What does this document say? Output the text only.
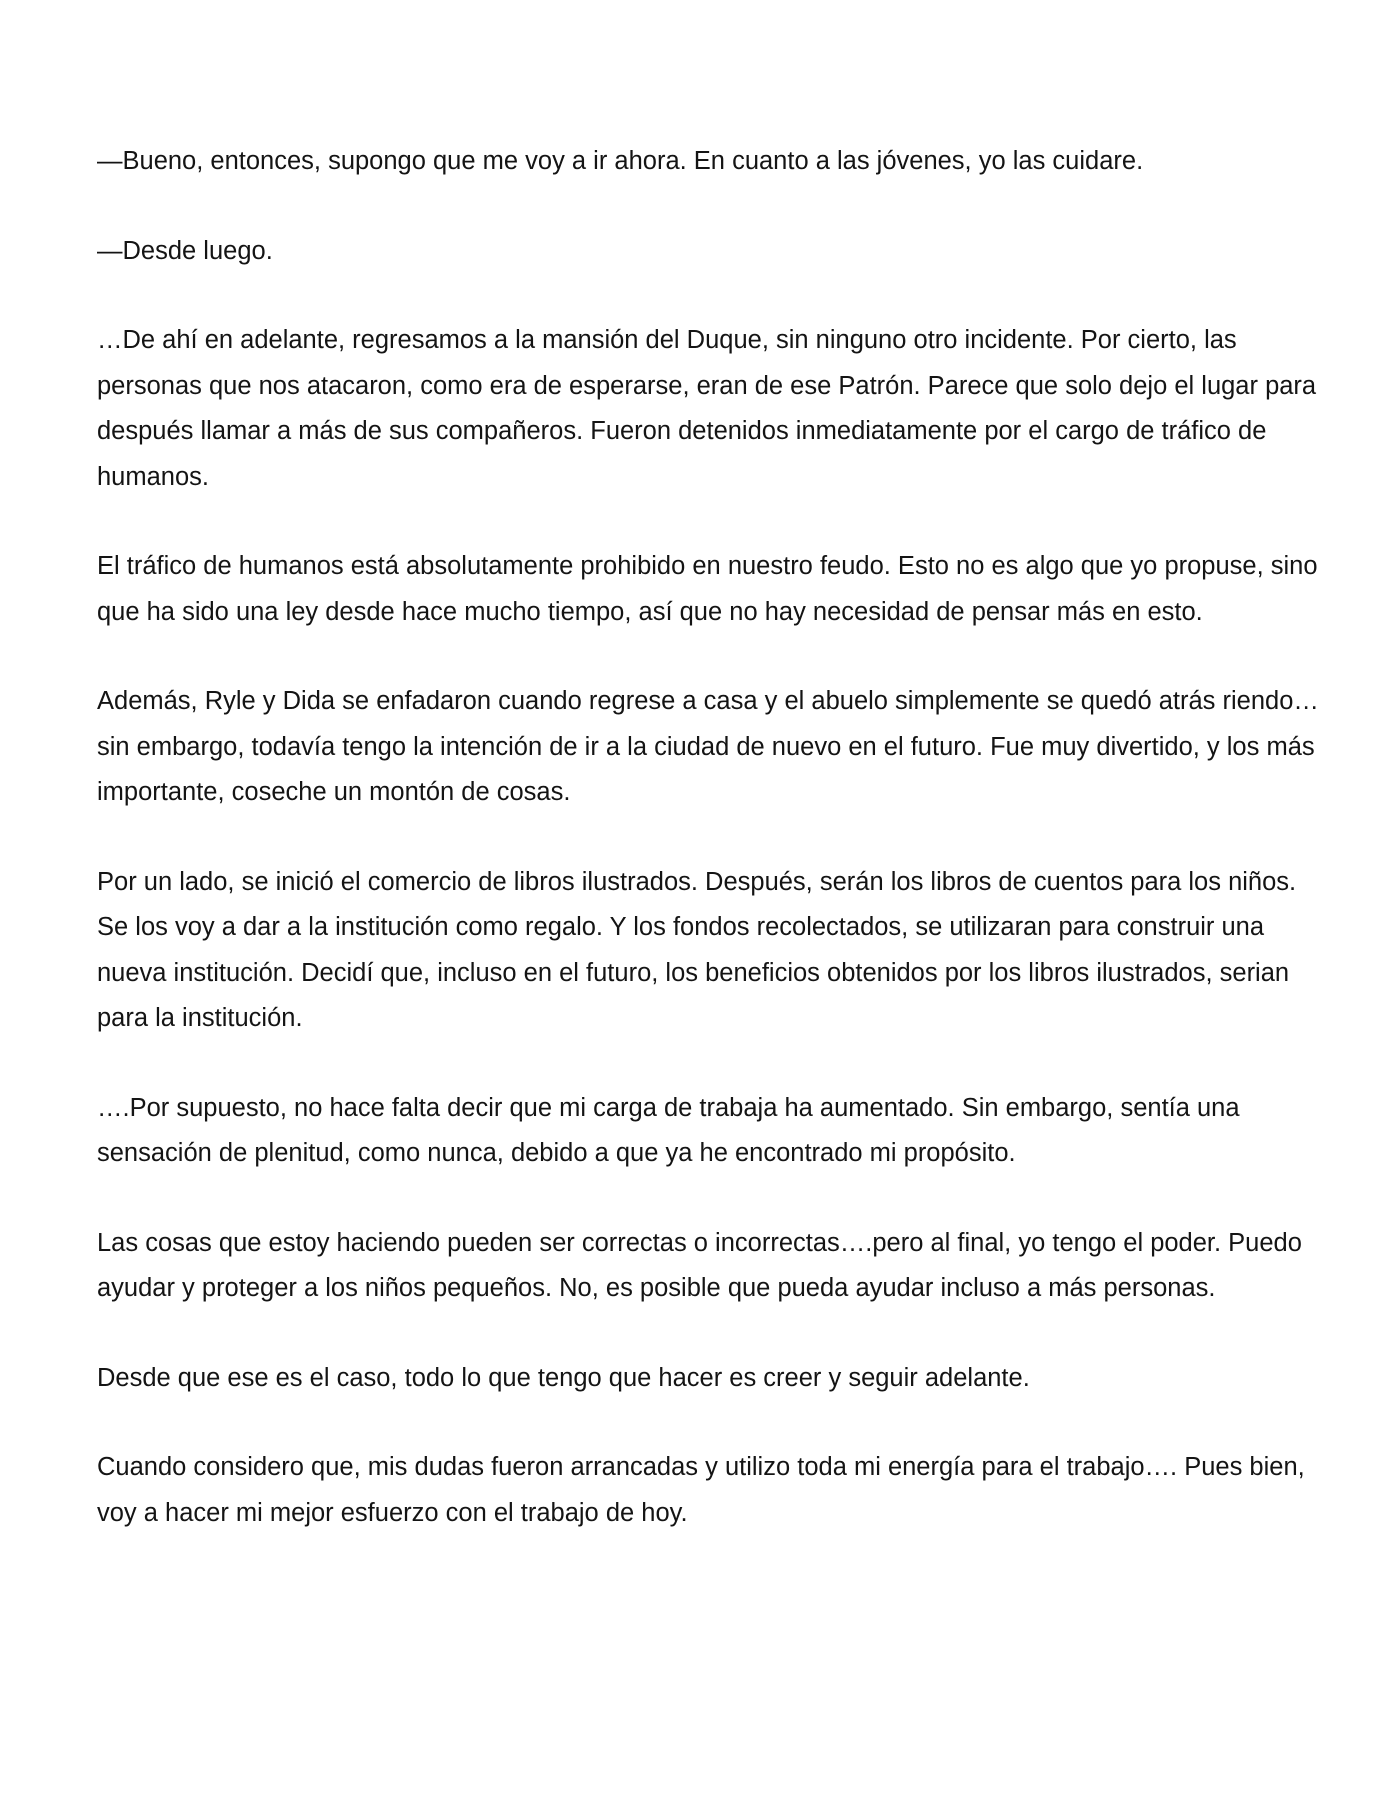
—Bueno, entonces, supongo que me voy a ir ahora. En cuanto a las jóvenes, yo las cuidare.

—Desde luego.

…De ahí en adelante, regresamos a la mansión del Duque, sin ninguno otro incidente. Por cierto, las personas que nos atacaron, como era de esperarse, eran de ese Patrón. Parece que solo dejo el lugar para después llamar a más de sus compañeros. Fueron detenidos inmediatamente por el cargo de tráfico de humanos.

El tráfico de humanos está absolutamente prohibido en nuestro feudo. Esto no es algo que yo propuse, sino que ha sido una ley desde hace mucho tiempo, así que no hay necesidad de pensar más en esto.

Además, Ryle y Dida se enfadaron cuando regrese a casa y el abuelo simplemente se quedó atrás riendo…sin embargo, todavía tengo la intención de ir a la ciudad de nuevo en el futuro. Fue muy divertido, y los más importante, coseche un montón de cosas.

Por un lado, se inició el comercio de libros ilustrados. Después, serán los libros de cuentos para los niños. Se los voy a dar a la institución como regalo. Y los fondos recolectados, se utilizaran para construir una nueva institución. Decidí que, incluso en el futuro, los beneficios obtenidos por los libros ilustrados, serian para la institución.

….Por supuesto, no hace falta decir que mi carga de trabaja ha aumentado. Sin embargo, sentía una sensación de plenitud, como nunca, debido a que ya he encontrado mi propósito.

Las cosas que estoy haciendo pueden ser correctas o incorrectas….pero al final, yo tengo el poder. Puedo ayudar y proteger a los niños pequeños. No, es posible que pueda ayudar incluso a más personas.

Desde que ese es el caso, todo lo que tengo que hacer es creer y seguir adelante.

Cuando considero que, mis dudas fueron arrancadas y utilizo toda mi energía para el trabajo…. Pues bien, voy a hacer mi mejor esfuerzo con el trabajo de hoy.
